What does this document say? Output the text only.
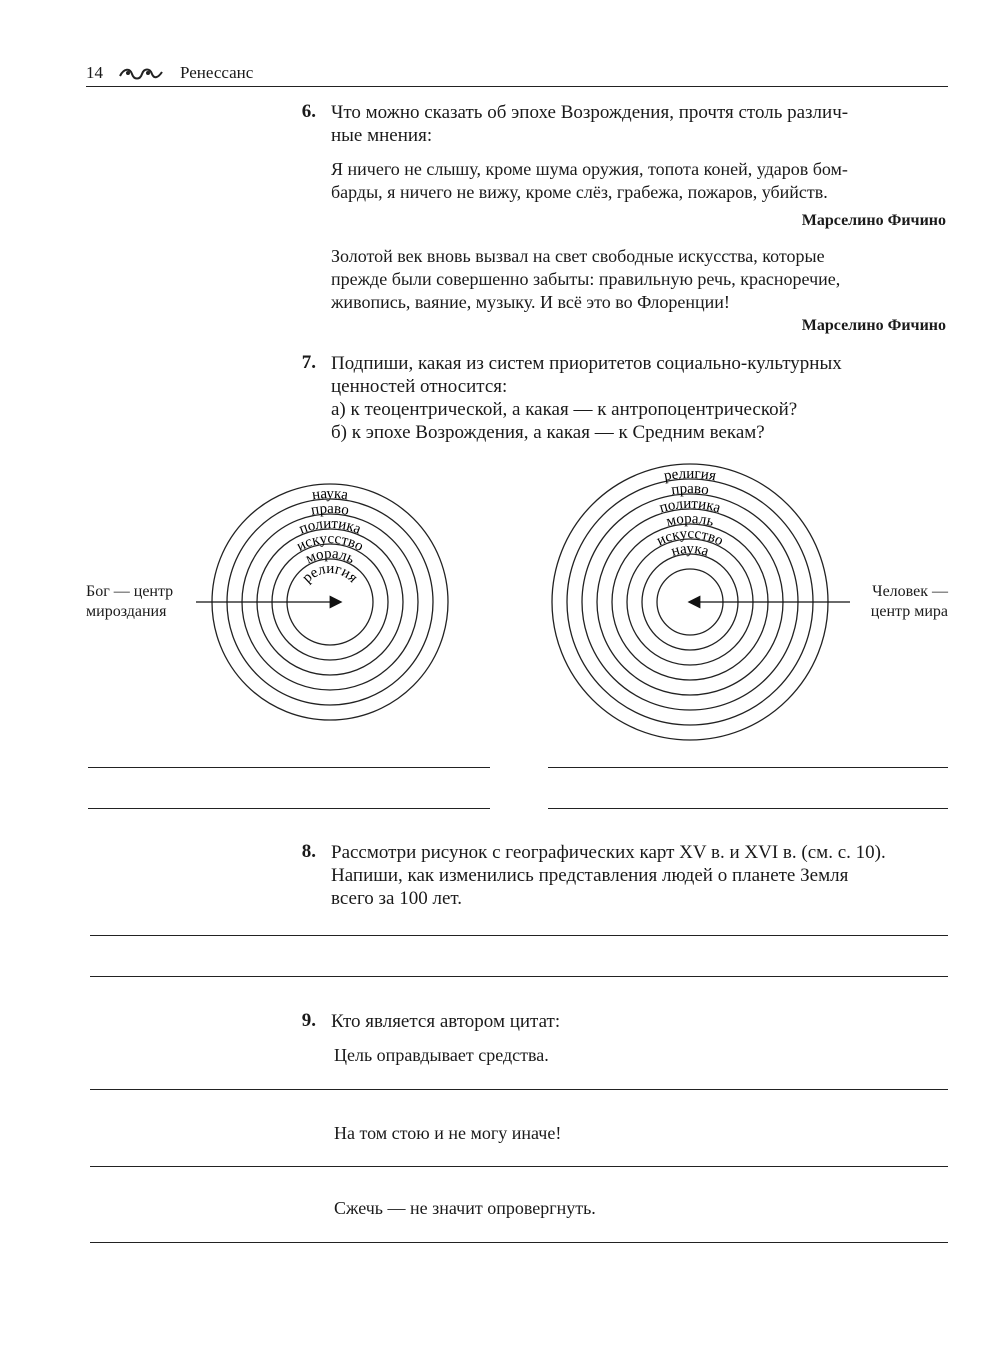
14	Ренессанс
6. Что можно сказать об эпохе Возрождения, прочтя столь различ-
ные мнения:
Я ничего не слышу, кроме шума оружия, топота коней, ударов бом-
барды, я ничего не вижу, кроме слёз, грабежа, пожаров, убийств.
Марселино Фичино
Золотой век вновь вызвал на свет свободные искусства, которые
прежде были совершенно забыты: правильную речь, красноречие,
живопись, ваяние, музыку. И всё это во Флоренции!
Марселино Фичино
7. Подпиши, какая из систем приоритетов социально-культурных
ценностей относится:
а) к теоцентрической, а какая — к антропоцентрической?
б) к эпохе Возрождения, а какая — к Средним векам?
наука
право
политика
искусство
мораль
религия
религия
право
политика
мораль
искусство
наука
Бог — центр
мироздания
Человек —
центр мира
8. Рассмотри рисунок с географических карт XV в. и XVI в. (см. с. 10).
Напиши, как изменились представления людей о планете Земля
всего за 100 лет.
9. Кто является автором цитат:
Цель оправдывает средства.
На том стою и не могу иначе!
Сжечь — не значит опровергнуть.
